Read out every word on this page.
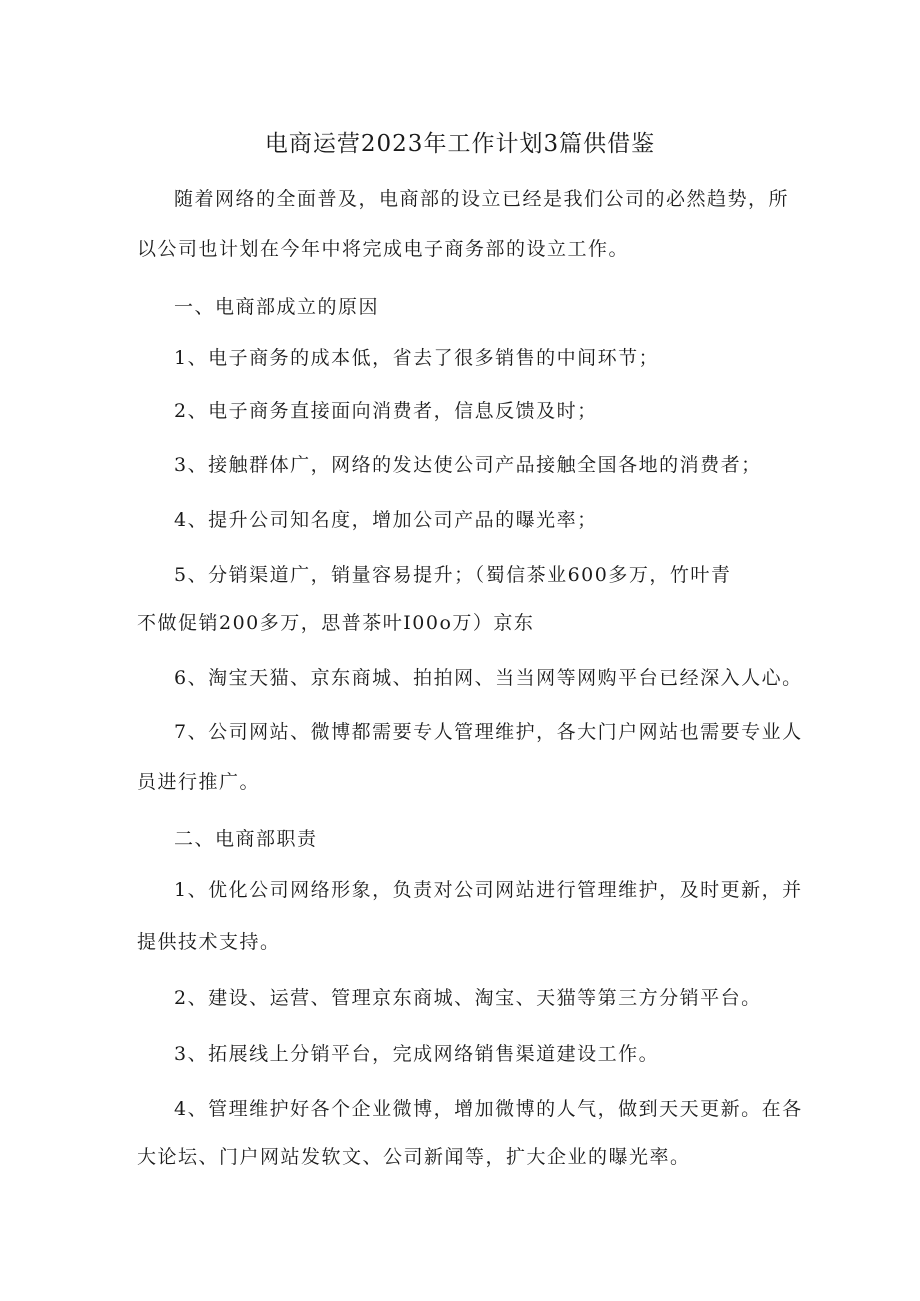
电商运营2023年工作计划3篇供借鉴
随着网络的全面普及，电商部的设立已经是我们公司的必然趋势，所
以公司也计划在今年中将完成电子商务部的设立工作。
一、电商部成立的原因
1、电子商务的成本低，省去了很多销售的中间环节；
2、电子商务直接面向消费者，信息反馈及时；
3、接触群体广，网络的发达使公司产品接触全国各地的消费者；
4、提升公司知名度，增加公司产品的曝光率；
5、分销渠道广，销量容易提升；（蜀信茶业600多万，竹叶青
不做促销200多万，思普茶叶I00o万）京东
6、淘宝天猫、京东商城、拍拍网、当当网等网购平台已经深入人心。
7、公司网站、微博都需要专人管理维护，各大门户网站也需要专业人
员进行推广。
二、电商部职责
1、优化公司网络形象，负责对公司网站进行管理维护，及时更新，并
提供技术支持。
2、建设、运营、管理京东商城、淘宝、天猫等第三方分销平台。
3、拓展线上分销平台，完成网络销售渠道建设工作。
4、管理维护好各个企业微博，增加微博的人气，做到天天更新。在各
大论坛、门户网站发软文、公司新闻等，扩大企业的曝光率。
